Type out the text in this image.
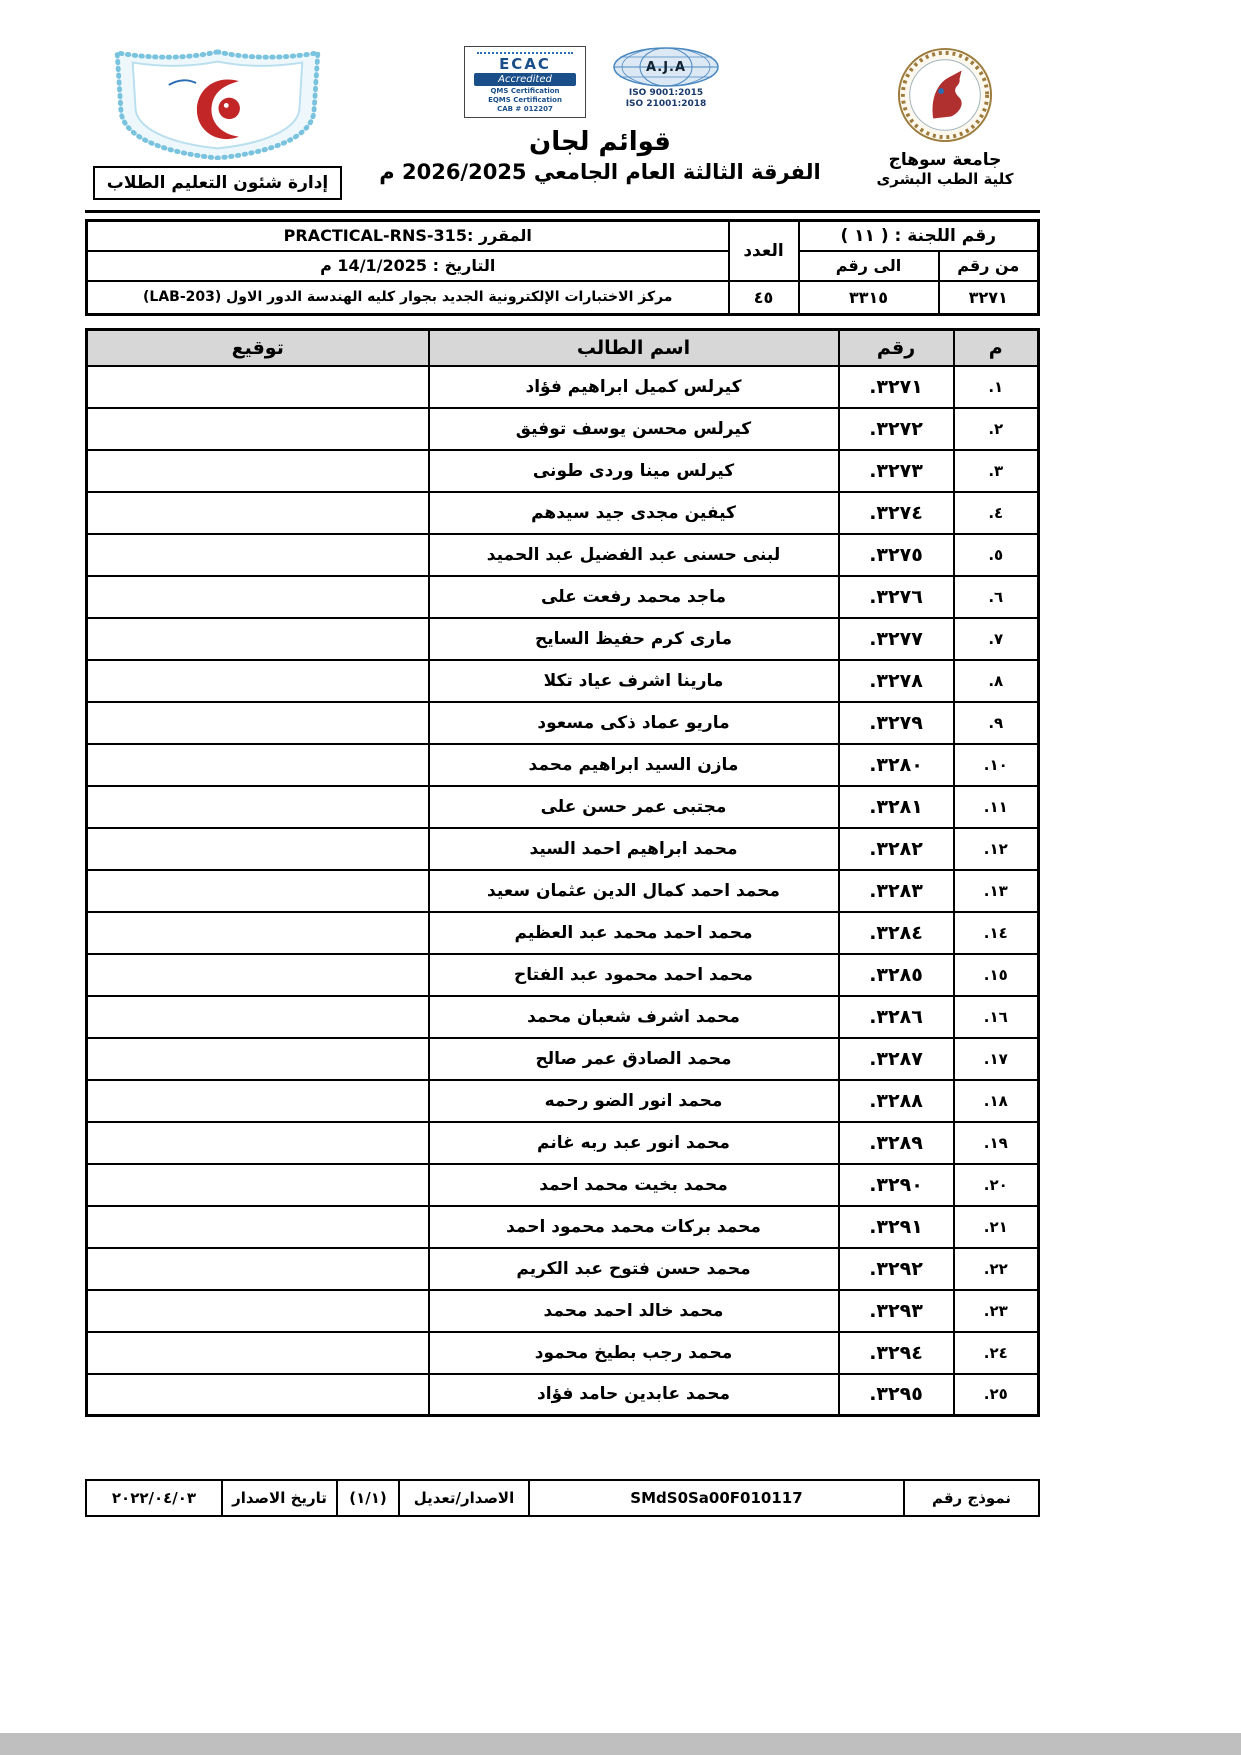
جامعة سوهاج
كلية الطب البشرى
ECAC
Accredited
QMS Certification
EQMS Certification
CAB # 012207
A.J.A
ISO 9001:2015
ISO 21001:2018
قوائم لجان
الفرقة الثالثة العام الجامعي 2026/2025 م
إدارة شئون التعليم الطلاب
رقم اللجنة : ( ١١ )		العدد	المقرر :PRACTICAL-RNS-315
من رقم	الى رقم		التاريخ : 14/1/2025 م
٣٢٧١	٣٣١٥	٤٥	مركز الاختبارات الإلكترونية الجديد بجوار كليه الهندسة الدور الاول (LAB-203)
م	رقم	اسم الطالب	توقيع
١.	٣٢٧١.	كيرلس كميل ابراهيم فؤاد	
٢.	٣٢٧٢.	كيرلس محسن يوسف توفيق	
٣.	٣٢٧٣.	كيرلس مينا وردى طونى	
٤.	٣٢٧٤.	كيفين مجدى جيد سيدهم	
٥.	٣٢٧٥.	لبنى حسنى عبد الفضيل عبد الحميد	
٦.	٣٢٧٦.	ماجد محمد رفعت على	
٧.	٣٢٧٧.	مارى كرم حفيظ السايح	
٨.	٣٢٧٨.	مارينا اشرف عياد تكلا	
٩.	٣٢٧٩.	ماريو عماد ذكى مسعود	
١٠.	٣٢٨٠.	مازن السيد ابراهيم محمد	
١١.	٣٢٨١.	مجتبى عمر حسن على	
١٢.	٣٢٨٢.	محمد ابراهيم احمد السيد	
١٣.	٣٢٨٣.	محمد احمد كمال الدين عثمان سعيد	
١٤.	٣٢٨٤.	محمد احمد محمد عبد العظيم	
١٥.	٣٢٨٥.	محمد احمد محمود عبد الفتاح	
١٦.	٣٢٨٦.	محمد اشرف شعبان محمد	
١٧.	٣٢٨٧.	محمد الصادق عمر صالح	
١٨.	٣٢٨٨.	محمد انور الضو رحمه	
١٩.	٣٢٨٩.	محمد انور عبد ربه غانم	
٢٠.	٣٢٩٠.	محمد بخيت محمد احمد	
٢١.	٣٢٩١.	محمد بركات محمد محمود احمد	
٢٢.	٣٢٩٢.	محمد حسن فتوح عبد الكريم	
٢٣.	٣٢٩٣.	محمد خالد احمد محمد	
٢٤.	٣٢٩٤.	محمد رجب بطيخ محمود	
٢٥.	٣٢٩٥.	محمد عابدين حامد فؤاد	
نموذج رقم	SMdS0Sa00F010117	الاصدار/تعديل	(١/١)	تاريخ الاصدار	٢٠٢٢/٠٤/٠٣
